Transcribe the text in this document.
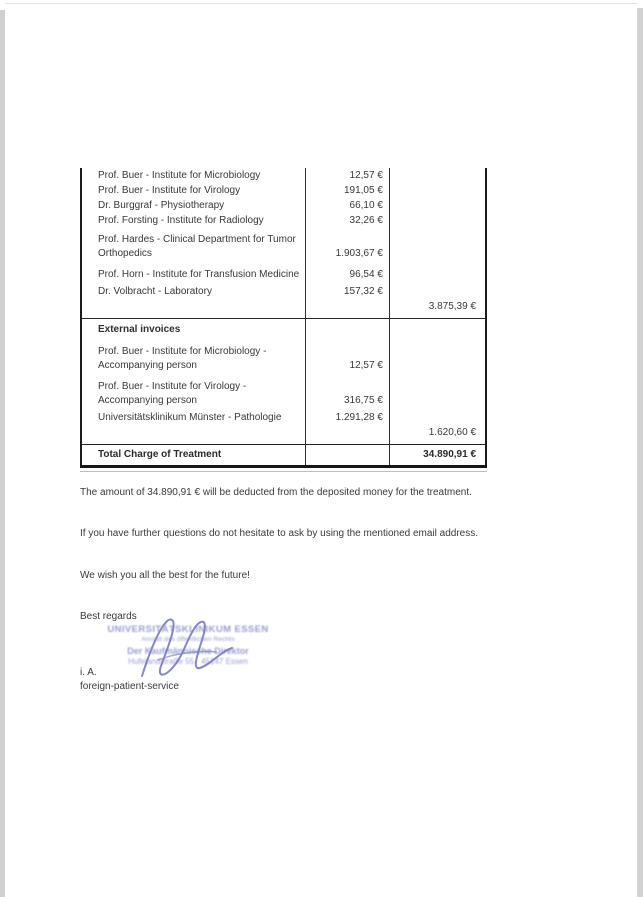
Prof. Buer - Institute for Microbiology	12,57 €	
Prof. Buer - Institute for Virology	191,05 €	
Dr. Burggraf - Physiotherapy	66,10 €	
Prof. Forsting - Institute for Radiology	32,26 €	
Prof. Hardes - Clinical Department for Tumor Orthopedics	1.903,67 €	
Prof. Horn - Institute for Transfusion Medicine	96,54 €	
Dr. Volbracht - Laboratory	157,32 €	
		3.875,39 €
External invoices		
Prof. Buer - Institute for Microbiology - Accompanying person	12,57 €	
Prof. Buer - Institute for Virology - Accompanying person	316,75 €	
Universitätsklinikum Münster - Pathologie	1.291,28 €	
		1.620,60 €
Total Charge of Treatment		34.890,91 €

The amount of 34.890,91 € will be deducted from the deposited money for the treatment.

If you have further questions do not hesitate to ask by using the mentioned email address.

We wish you all the best for the future!

Best regards

UNIVERSITÄTSKLINIKUM ESSEN
Anstalt des öffentlichen Rechts
Der Kaufmännische Direktor
Hufelandstraße 55 · 45147 Essen

i. A.

foreign-patient-service
